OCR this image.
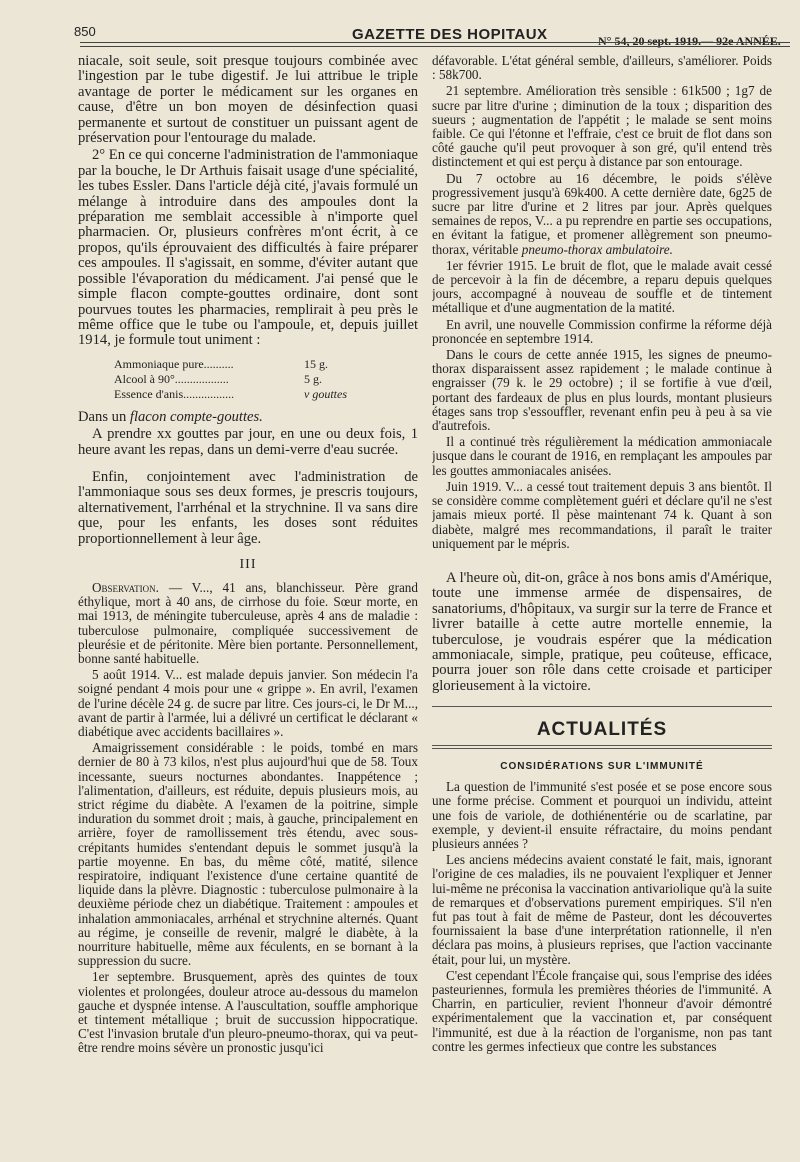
850	GAZETTE DES HOPITAUX	N° 54, 20 sept. 1919.— 92e ANNÉE.

niacale, soit seule, soit presque toujours combinée avec l'ingestion par le tube digestif. Je lui attribue le triple avantage de porter le médicament sur les organes en cause, d'être un bon moyen de désinfection quasi permanente et surtout de constituer un puissant agent de préservation pour l'entourage du malade.

2° En ce qui concerne l'administration de l'ammoniaque par la bouche, le Dr Arthuis faisait usage d'une spécialité, les tubes Essler. Dans l'article déjà cité, j'avais formulé un mélange à introduire dans des ampoules dont la préparation me semblait accessible à n'importe quel pharmacien. Or, plusieurs confrères m'ont écrit, à ce propos, qu'ils éprouvaient des difficultés à faire préparer ces ampoules. Il s'agissait, en somme, d'éviter autant que possible l'évaporation du médicament. J'ai pensé que le simple flacon compte-gouttes ordinaire, dont sont pourvues toutes les pharmacies, remplirait à peu près le même office que le tube ou l'ampoule, et, depuis juillet 1914, je formule tout uniment :

Ammoniaque pure..........	15 g.
Alcool à 90°..................	5 g.
Essence d'anis.................	v gouttes

Dans un flacon compte-gouttes.

A prendre xx gouttes par jour, en une ou deux fois, 1 heure avant les repas, dans un demi-verre d'eau sucrée.

Enfin, conjointement avec l'administration de l'ammoniaque sous ses deux formes, je prescris toujours, alternativement, l'arrhénal et la strychnine. Il va sans dire que, pour les enfants, les doses sont réduites proportionnellement à leur âge.

III

Observation. — V..., 41 ans, blanchisseur. Père grand éthylique, mort à 40 ans, de cirrhose du foie. Sœur morte, en mai 1913, de méningite tuberculeuse, après 4 ans de maladie : tuberculose pulmonaire, compliquée successivement de pleurésie et de péritonite. Mère bien portante. Personnellement, bonne santé habituelle.

5 août 1914. V... est malade depuis janvier. Son médecin l'a soigné pendant 4 mois pour une « grippe ». En avril, l'examen de l'urine décèle 24 g. de sucre par litre. Ces jours-ci, le Dr M..., avant de partir à l'armée, lui a délivré un certificat le déclarant « diabétique avec accidents bacillaires ».

Amaigrissement considérable : le poids, tombé en mars dernier de 80 à 73 kilos, n'est plus aujourd'hui que de 58. Toux incessante, sueurs nocturnes abondantes. Inappétence ; l'alimentation, d'ailleurs, est réduite, depuis plusieurs mois, au strict régime du diabète. A l'examen de la poitrine, simple induration du sommet droit ; mais, à gauche, principalement en arrière, foyer de ramollissement très étendu, avec sous-crépitants humides s'entendant depuis le sommet jusqu'à la partie moyenne. En bas, du même côté, matité, silence respiratoire, indiquant l'existence d'une certaine quantité de liquide dans la plèvre. Diagnostic : tuberculose pulmonaire à la deuxième période chez un diabétique. Traitement : ampoules et inhalation ammoniacales, arrhénal et strychnine alternés. Quant au régime, je conseille de revenir, malgré le diabète, à la nourriture habituelle, même aux féculents, en se bornant à la suppression du sucre.

1er septembre. Brusquement, après des quintes de toux violentes et prolongées, douleur atroce au-dessous du mamelon gauche et dyspnée intense. A l'auscultation, souffle amphorique et tintement métallique ; bruit de succussion hippocratique. C'est l'invasion brutale d'un pleuro-pneumo-thorax, qui va peut-être rendre moins sévère un pronostic jusqu'ici

défavorable. L'état général semble, d'ailleurs, s'améliorer. Poids : 58k700.

21 septembre. Amélioration très sensible : 61k500 ; 1g7 de sucre par litre d'urine ; diminution de la toux ; disparition des sueurs ; augmentation de l'appétit ; le malade se sent moins faible. Ce qui l'étonne et l'effraie, c'est ce bruit de flot dans son côté gauche qu'il peut provoquer à son gré, qu'il entend très distinctement et qui est perçu à distance par son entourage.

Du 7 octobre au 16 décembre, le poids s'élève progressivement jusqu'à 69k400. A cette dernière date, 6g25 de sucre par litre d'urine et 2 litres par jour. Après quelques semaines de repos, V... a pu reprendre en partie ses occupations, en évitant la fatigue, et promener allègrement son pneumo-thorax, véritable pneumo-thorax ambulatoire.

1er février 1915. Le bruit de flot, que le malade avait cessé de percevoir à la fin de décembre, a reparu depuis quelques jours, accompagné à nouveau de souffle et de tintement métallique et d'une augmentation de la matité.

En avril, une nouvelle Commission confirme la réforme déjà prononcée en septembre 1914.

Dans le cours de cette année 1915, les signes de pneumo-thorax disparaissent assez rapidement ; le malade continue à engraisser (79 k. le 29 octobre) ; il se fortifie à vue d'œil, portant des fardeaux de plus en plus lourds, montant plusieurs étages sans trop s'essouffler, revenant enfin peu à peu à sa vie d'autrefois.

Il a continué très régulièrement la médication ammoniacale jusque dans le courant de 1916, en remplaçant les ampoules par les gouttes ammoniacales anisées.

Juin 1919. V... a cessé tout traitement depuis 3 ans bientôt. Il se considère comme complètement guéri et déclare qu'il ne s'est jamais mieux porté. Il pèse maintenant 74 k. Quant à son diabète, malgré mes recommandations, il paraît le traiter uniquement par le mépris.

A l'heure où, dit-on, grâce à nos bons amis d'Amérique, toute une immense armée de dispensaires, de sanatoriums, d'hôpitaux, va surgir sur la terre de France et livrer bataille à cette autre mortelle ennemie, la tuberculose, je voudrais espérer que la médication ammoniacale, simple, pratique, peu coûteuse, efficace, pourra jouer son rôle dans cette croisade et participer glorieusement à la victoire.

ACTUALITÉS
CONSIDÉRATIONS SUR L'IMMUNITÉ

La question de l'immunité s'est posée et se pose encore sous une forme précise. Comment et pourquoi un individu, atteint une fois de variole, de dothiénentérie ou de scarlatine, par exemple, y devient-il ensuite réfractaire, du moins pendant plusieurs années ?

Les anciens médecins avaient constaté le fait, mais, ignorant l'origine de ces maladies, ils ne pouvaient l'expliquer et Jenner lui-même ne préconisa la vaccination antivariolique qu'à la suite de remarques et d'observations purement empiriques. S'il n'en fut pas tout à fait de même de Pasteur, dont les découvertes fournissaient la base d'une interprétation rationnelle, il n'en déclara pas moins, à plusieurs reprises, que l'action vaccinante était, pour lui, un mystère.

C'est cependant l'École française qui, sous l'emprise des idées pasteuriennes, formula les premières théories de l'immunité. A Charrin, en particulier, revient l'honneur d'avoir démontré expérimentalement que la vaccination et, par conséquent l'immunité, est due à la réaction de l'organisme, non pas tant contre les germes infectieux que contre les substances
